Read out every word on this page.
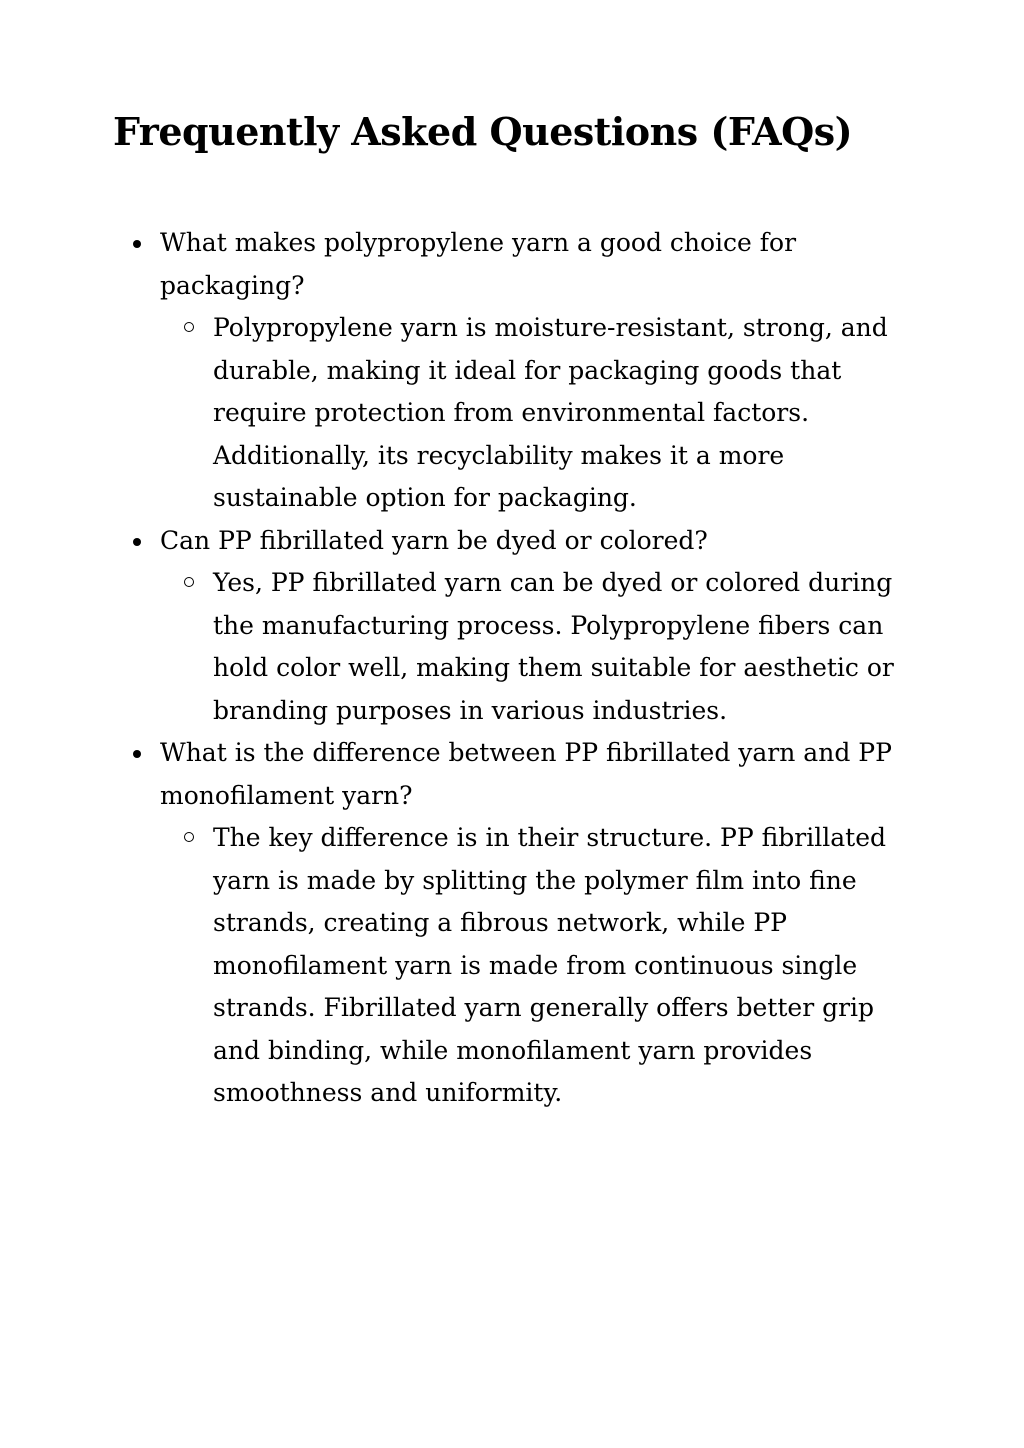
Frequently Asked Questions (FAQs)
What makes polypropylene yarn a good choice for packaging?
Polypropylene yarn is moisture-resistant, strong, and durable, making it ideal for packaging goods that require protection from environmental factors. Additionally, its recyclability makes it a more sustainable option for packaging.
Can PP fibrillated yarn be dyed or colored?
Yes, PP fibrillated yarn can be dyed or colored during the manufacturing process. Polypropylene fibers can hold color well, making them suitable for aesthetic or branding purposes in various industries.
What is the difference between PP fibrillated yarn and PP monofilament yarn?
The key difference is in their structure. PP fibrillated yarn is made by splitting the polymer film into fine strands, creating a fibrous network, while PP monofilament yarn is made from continuous single strands. Fibrillated yarn generally offers better grip and binding, while monofilament yarn provides smoothness and uniformity.
